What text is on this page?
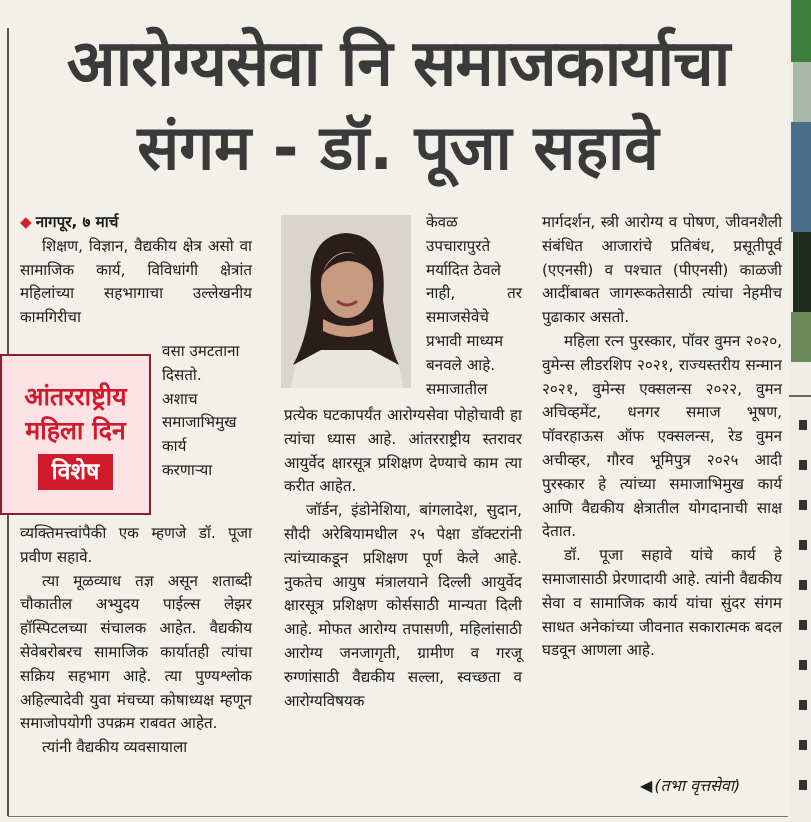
आरोग्यसेवा नि समाजकार्याचा
संगम - डॉ. पूजा सहावे

◆ नागपूर, ७ मार्च

शिक्षण, विज्ञान, वैद्यकीय क्षेत्र असो वा सामाजिक कार्य, विविधांगी क्षेत्रांत महिलांच्या सहभागाचा उल्लेखनीय कामगिरीचा

वसा उमटताना

दिसतो.

अशाच

समाजाभिमुख

कार्य

करणाऱ्या

आंतरराष्ट्रीय
महिला दिन
विशेष

व्यक्तिमत्त्वांपैकी एक म्हणजे डॉ. पूजा प्रवीण सहावे.

त्या मूळव्याध तज्ञ असून शताब्दी चौकातील अभ्युदय पाईल्स लेझर हॉस्पिटलच्या संचालक आहेत. वैद्यकीय सेवेबरोबरच सामाजिक कार्यातही त्यांचा सक्रिय सहभाग आहे. त्या पुण्यश्लोक अहिल्यादेवी युवा मंचच्या कोषाध्यक्ष म्हणून समाजोपयोगी उपक्रम राबवत आहेत.

त्यांनी वैद्यकीय व्यवसायाला

केवळ

उपचारापुरते

मर्यादित ठेवले

नाही, तर

समाजसेवेचे

प्रभावी माध्यम

बनवले आहे.

समाजातील

प्रत्येक घटकापर्यंत आरोग्यसेवा पोहोचावी हा त्यांचा ध्यास आहे. आंतरराष्ट्रीय स्तरावर आयुर्वेद क्षारसूत्र प्रशिक्षण देण्याचे काम त्या करीत आहेत.

जॉर्डन, इंडोनेशिया, बांगलादेश, सुदान, सौदी अरेबियामधील २५ पेक्षा डॉक्टरांनी त्यांच्याकडून प्रशिक्षण पूर्ण केले आहे. नुकतेच आयुष मंत्रालयाने दिल्ली आयुर्वेद क्षारसूत्र प्रशिक्षण कोर्ससाठी मान्यता दिली आहे. मोफत आरोग्य तपासणी, महिलांसाठी आरोग्य जनजागृती, ग्रामीण व गरजू रुग्णांसाठी वैद्यकीय सल्ला, स्वच्छता व आरोग्यविषयक

मार्गदर्शन, स्त्री आरोग्य व पोषण, जीवनशैली संबंधित आजारांचे प्रतिबंध, प्रसूतीपूर्व (एएनसी) व पश्चात (पीएनसी) काळजी आदींबाबत जागरूकतेसाठी त्यांचा नेहमीच पुढाकार असतो.

महिला रत्न पुरस्कार, पॉवर वुमन २०२०, वुमेन्स लीडरशिप २०२१, राज्यस्तरीय सन्मान २०२१, वुमेन्स एक्सलन्स २०२२, वुमन अचिव्हमेंट, धनगर समाज भूषण, पॉवरहाऊस ऑफ एक्सलन्स, रेड वुमन अचीव्हर, गौरव भूमिपुत्र २०२५ आदी पुरस्कार हे त्यांच्या समाजाभिमुख कार्य आणि वैद्यकीय क्षेत्रातील योगदानाची साक्ष देतात.

डॉ. पूजा सहावे यांचे कार्य हे समाजासाठी प्रेरणादायी आहे. त्यांनी वैद्यकीय सेवा व सामाजिक कार्य यांचा सुंदर संगम साधत अनेकांच्या जीवनात सकारात्मक बदल घडवून आणला आहे.

◀ (तभा वृत्तसेवा)
